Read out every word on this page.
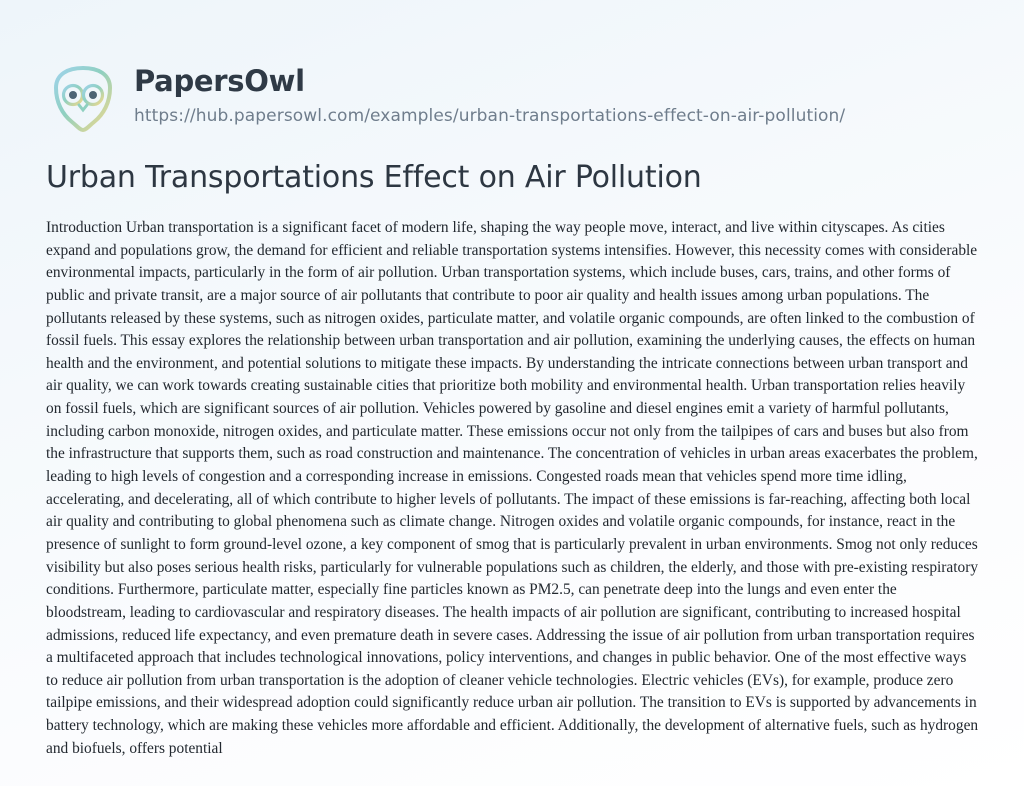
PapersOwl
https://hub.papersowl.com/examples/urban-transportations-effect-on-air-pollution/
Urban Transportations Effect on Air Pollution

Introduction Urban transportation is a significant facet of modern life, shaping the way people move, interact, and live within cityscapes. As cities expand and populations grow, the demand for efficient and reliable transportation systems intensifies. However, this necessity comes with considerable environmental impacts, particularly in the form of air pollution. Urban transportation systems, which include buses, cars, trains, and other forms of public and private transit, are a major source of air pollutants that contribute to poor air quality and health issues among urban populations. The pollutants released by these systems, such as nitrogen oxides, particulate matter, and volatile organic compounds, are often linked to the combustion of fossil fuels. This essay explores the relationship between urban transportation and air pollution, examining the underlying causes, the effects on human health and the environment, and potential solutions to mitigate these impacts. By understanding the intricate connections between urban transport and air quality, we can work towards creating sustainable cities that prioritize both mobility and environmental health. Urban transportation relies heavily on fossil fuels, which are significant sources of air pollution. Vehicles powered by gasoline and diesel engines emit a variety of harmful pollutants, including carbon monoxide, nitrogen oxides, and particulate matter. These emissions occur not only from the tailpipes of cars and buses but also from the infrastructure that supports them, such as road construction and maintenance. The concentration of vehicles in urban areas exacerbates the problem, leading to high levels of congestion and a corresponding increase in emissions. Congested roads mean that vehicles spend more time idling, accelerating, and decelerating, all of which contribute to higher levels of pollutants. The impact of these emissions is far-reaching, affecting both local air quality and contributing to global phenomena such as climate change. Nitrogen oxides and volatile organic compounds, for instance, react in the presence of sunlight to form ground-level ozone, a key component of smog that is particularly prevalent in urban environments. Smog not only reduces visibility but also poses serious health risks, particularly for vulnerable populations such as children, the elderly, and those with pre-existing respiratory conditions. Furthermore, particulate matter, especially fine particles known as PM2.5, can penetrate deep into the lungs and even enter the bloodstream, leading to cardiovascular and respiratory diseases. The health impacts of air pollution are significant, contributing to increased hospital admissions, reduced life expectancy, and even premature death in severe cases. Addressing the issue of air pollution from urban transportation requires a multifaceted approach that includes technological innovations, policy interventions, and changes in public behavior. One of the most effective ways to reduce air pollution from urban transportation is the adoption of cleaner vehicle technologies. Electric vehicles (EVs), for example, produce zero tailpipe emissions, and their widespread adoption could significantly reduce urban air pollution. The transition to EVs is supported by advancements in battery technology, which are making these vehicles more affordable and efficient. Additionally, the development of alternative fuels, such as hydrogen and biofuels, offers potential
